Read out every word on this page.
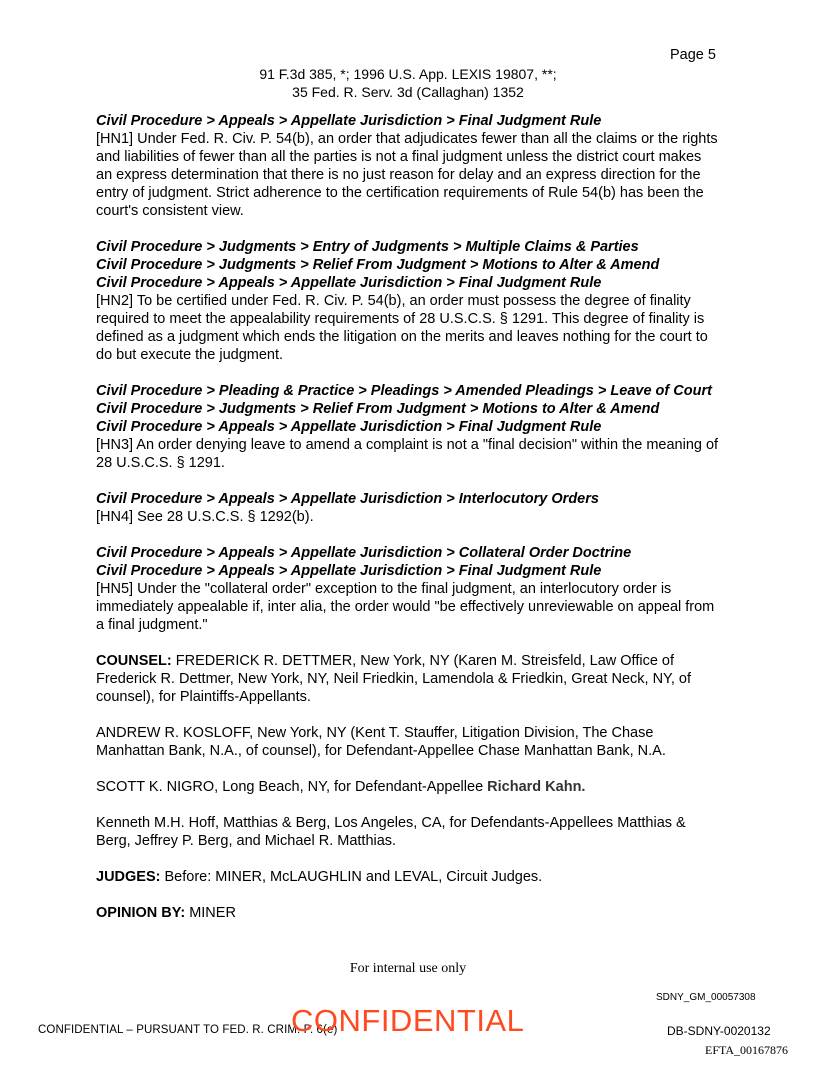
Page 5
91 F.3d 385, *; 1996 U.S. App. LEXIS 19807, **;
35 Fed. R. Serv. 3d (Callaghan) 1352
Civil Procedure > Appeals > Appellate Jurisdiction > Final Judgment Rule
[HN1] Under Fed. R. Civ. P. 54(b), an order that adjudicates fewer than all the claims or the rights and liabilities of fewer than all the parties is not a final judgment unless the district court makes an express determination that there is no just reason for delay and an express direction for the entry of judgment. Strict adherence to the certification requirements of Rule 54(b) has been the court's consistent view.
Civil Procedure > Judgments > Entry of Judgments > Multiple Claims & Parties
Civil Procedure > Judgments > Relief From Judgment > Motions to Alter & Amend
Civil Procedure > Appeals > Appellate Jurisdiction > Final Judgment Rule
[HN2] To be certified under Fed. R. Civ. P. 54(b), an order must possess the degree of finality required to meet the appealability requirements of 28 U.S.C.S. § 1291. This degree of finality is defined as a judgment which ends the litigation on the merits and leaves nothing for the court to do but execute the judgment.
Civil Procedure > Pleading & Practice > Pleadings > Amended Pleadings > Leave of Court
Civil Procedure > Judgments > Relief From Judgment > Motions to Alter & Amend
Civil Procedure > Appeals > Appellate Jurisdiction > Final Judgment Rule
[HN3] An order denying leave to amend a complaint is not a "final decision" within the meaning of 28 U.S.C.S. § 1291.
Civil Procedure > Appeals > Appellate Jurisdiction > Interlocutory Orders
[HN4] See 28 U.S.C.S. § 1292(b).
Civil Procedure > Appeals > Appellate Jurisdiction > Collateral Order Doctrine
Civil Procedure > Appeals > Appellate Jurisdiction > Final Judgment Rule
[HN5] Under the "collateral order" exception to the final judgment, an interlocutory order is immediately appealable if, inter alia, the order would "be effectively unreviewable on appeal from a final judgment."
COUNSEL: FREDERICK R. DETTMER, New York, NY (Karen M. Streisfeld, Law Office of Frederick R. Dettmer, New York, NY, Neil Friedkin, Lamendola & Friedkin, Great Neck, NY, of counsel), for Plaintiffs-Appellants.
ANDREW R. KOSLOFF, New York, NY (Kent T. Stauffer, Litigation Division, The Chase Manhattan Bank, N.A., of counsel), for Defendant-Appellee Chase Manhattan Bank, N.A.
SCOTT K. NIGRO, Long Beach, NY, for Defendant-Appellee Richard Kahn.
Kenneth M.H. Hoff, Matthias & Berg, Los Angeles, CA, for Defendants-Appellees Matthias & Berg, Jeffrey P. Berg, and Michael R. Matthias.
JUDGES: Before: MINER, McLAUGHLIN and LEVAL, Circuit Judges.
OPINION BY: MINER
For internal use only
SDNY_GM_00057308
CONFIDENTIAL – PURSUANT TO FED. R. CRIM. P. 6(e)
CONFIDENTIAL	DB-SDNY-0020132
EFTA_00167876
